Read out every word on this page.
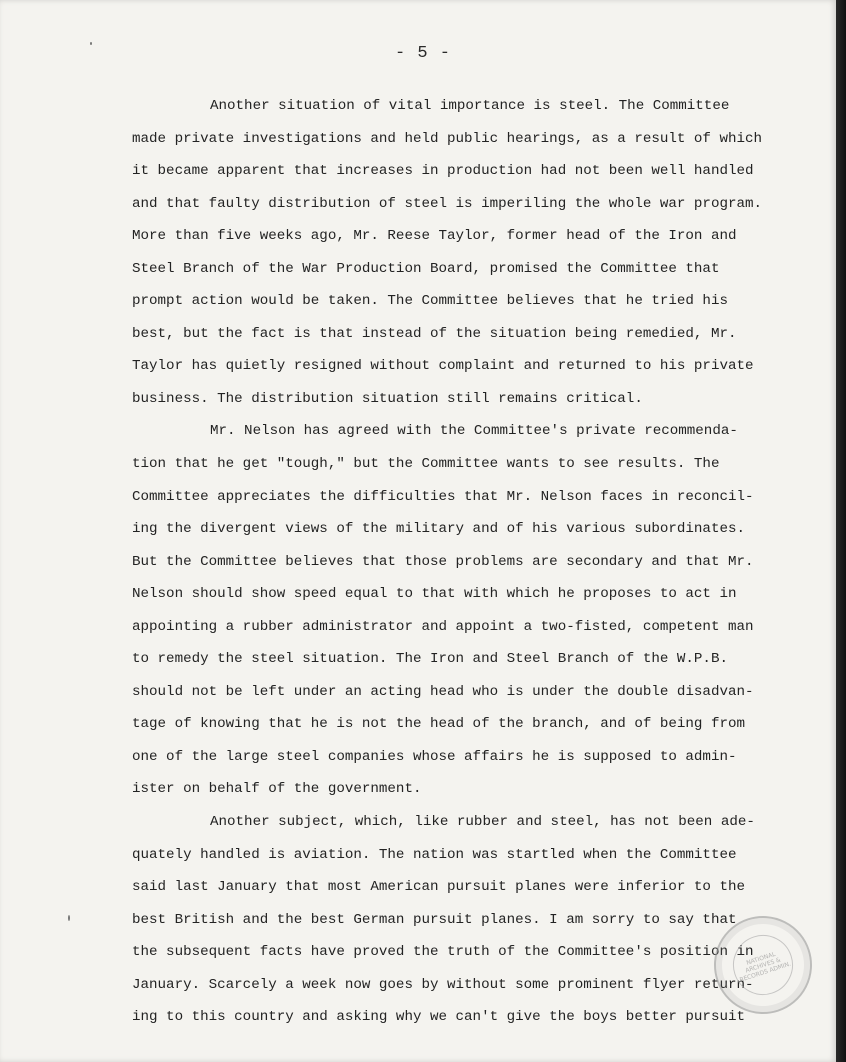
- 5 -

Another situation of vital importance is steel. The Committee
made private investigations and held public hearings, as a result of which
it became apparent that increases in production had not been well handled
and that faulty distribution of steel is imperiling the whole war program.
More than five weeks ago, Mr. Reese Taylor, former head of the Iron and
Steel Branch of the War Production Board, promised the Committee that
prompt action would be taken. The Committee believes that he tried his
best, but the fact is that instead of the situation being remedied, Mr.
Taylor has quietly resigned without complaint and returned to his private
business. The distribution situation still remains critical.

Mr. Nelson has agreed with the Committee's private recommenda-
tion that he get "tough," but the Committee wants to see results. The
Committee appreciates the difficulties that Mr. Nelson faces in reconcil-
ing the divergent views of the military and of his various subordinates.
But the Committee believes that those problems are secondary and that Mr.
Nelson should show speed equal to that with which he proposes to act in
appointing a rubber administrator and appoint a two-fisted, competent man
to remedy the steel situation. The Iron and Steel Branch of the W.P.B.
should not be left under an acting head who is under the double disadvan-
tage of knowing that he is not the head of the branch, and of being from
one of the large steel companies whose affairs he is supposed to admin-
ister on behalf of the government.

Another subject, which, like rubber and steel, has not been ade-
quately handled is aviation. The nation was startled when the Committee
said last January that most American pursuit planes were inferior to the
best British and the best German pursuit planes. I am sorry to say that
the subsequent facts have proved the truth of the Committee's position in
January. Scarcely a week now goes by without some prominent flyer return-
ing to this country and asking why we can't give the boys better pursuit

NATIONAL ARCHIVES & RECORDS ADMIN.
